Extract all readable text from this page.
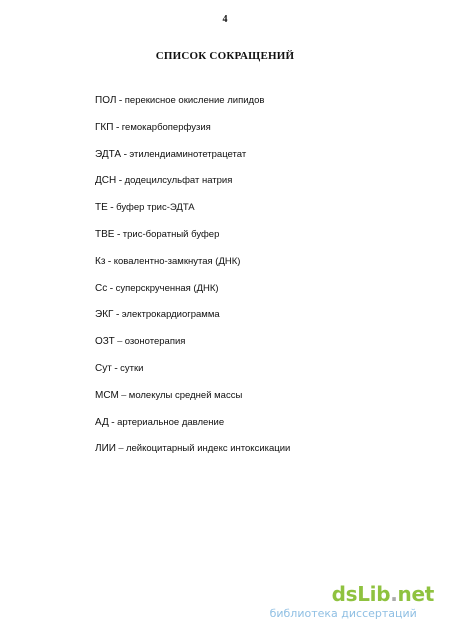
4
СПИСОК СОКРАЩЕНИЙ
ПОЛ - перекисное окисление липидов
ГКП - гемокарбоперфузия
ЭДТА - этилендиаминотетрацетат
ДСН - додецилсульфат натрия
ТЕ - буфер трис-ЭДТА
ТВЕ - трис-боратный буфер
Кз - ковалентно-замкнутая (ДНК)
Сс - суперскрученная (ДНК)
ЭКГ - электрокардиограмма
ОЗТ – озонотерапия
Сут - сутки
МСМ – молекулы средней массы
АД - артериальное давление
ЛИИ – лейкоцитарный индекс интоксикации
dsLib.net
библиотека диссертаций
